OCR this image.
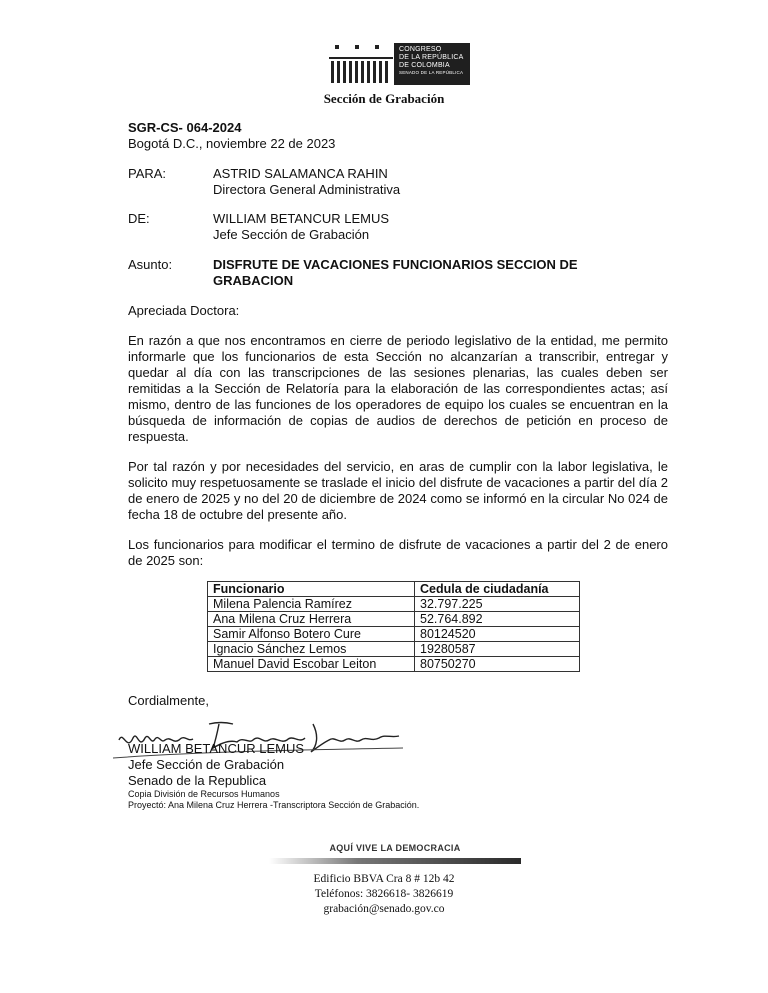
CONGRESO
DE LA REPÚBLICA
DE COLOMBIA
SENADO DE LA REPÚBLICA
Sección de Grabación
SGR-CS- 064-2024
Bogotá D.C., noviembre 22 de 2023
PARA:	ASTRID SALAMANCA RAHIN
Directora General Administrativa
DE:	WILLIAM BETANCUR LEMUS
Jefe Sección de Grabación
Asunto:	DISFRUTE DE VACACIONES FUNCIONARIOS SECCION DE
GRABACION
Apreciada Doctora:

En razón a que nos encontramos en cierre de periodo legislativo de la entidad, me permito informarle que los funcionarios de esta Sección no alcanzarían a transcribir, entregar y quedar al día con las transcripciones de las sesiones plenarias, las cuales deben ser remitidas a la Sección de Relatoría para la elaboración de las correspondientes actas; así mismo, dentro de las funciones de los operadores de equipo los cuales se encuentran en la búsqueda de información de copias de audios de derechos de petición en proceso de respuesta.

Por tal razón y por necesidades del servicio, en aras de cumplir con la labor legislativa, le solicito muy respetuosamente se traslade el inicio del disfrute de vacaciones a partir del día 2 de enero de 2025 y no del 20 de diciembre de 2024 como se informó en la circular No 024 de fecha 18 de octubre del presente año.

Los funcionarios para modificar el termino de disfrute de vacaciones a partir del 2 de enero de 2025 son:

Funcionario	Cedula de ciudadanía
Milena Palencia Ramírez	32.797.225
Ana Milena Cruz Herrera	52.764.892
Samir Alfonso Botero Cure	80124520
Ignacio Sánchez Lemos	19280587
Manuel David Escobar Leiton	80750270
Cordialmente,
WILLIAM BETANCUR LEMUS
Jefe Sección de Grabación
Senado de la Republica
Copia División de Recursos Humanos
Proyectó: Ana Milena Cruz Herrera -Transcriptora Sección de Grabación.
AQUÍ VIVE LA DEMOCRACIA
Edificio BBVA Cra 8 # 12b 42
Teléfonos: 3826618- 3826619
grabación@senado.gov.co
